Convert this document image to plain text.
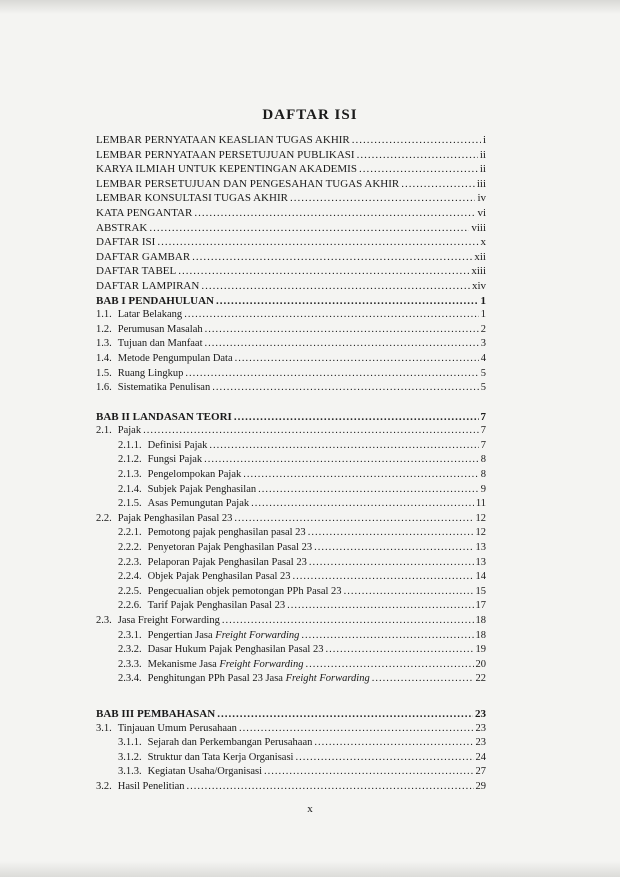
DAFTAR ISI
LEMBAR PERNYATAAN KEASLIAN TUGAS AKHIR .....	i
LEMBAR PERNYATAAN PERSETUJUAN PUBLIKASI .....	ii
KARYA ILMIAH UNTUK KEPENTINGAN AKADEMIS .....	ii
LEMBAR PERSETUJUAN DAN PENGESAHAN TUGAS AKHIR .....	iii
LEMBAR KONSULTASI TUGAS AKHIR .....	iv
KATA PENGANTAR .....	vi
ABSTRAK .....	viii
DAFTAR ISI .....	x
DAFTAR GAMBAR .....	xii
DAFTAR TABEL .....	xiii
DAFTAR LAMPIRAN .....	xiv
BAB I PENDAHULUAN .....	1
1.1. Latar Belakang .....	1
1.2. Perumusan Masalah .....	2
1.3. Tujuan dan Manfaat .....	3
1.4. Metode Pengumpulan Data .....	4
1.5. Ruang Lingkup .....	5
1.6. Sistematika Penulisan .....	5
BAB II LANDASAN TEORI .....	7
2.1. Pajak .....	7
2.1.1. Definisi Pajak .....	7
2.1.2. Fungsi Pajak .....	8
2.1.3. Pengelompokan Pajak .....	8
2.1.4. Subjek Pajak Penghasilan .....	9
2.1.5. Asas Pemungutan Pajak .....	11
2.2. Pajak Penghasilan Pasal 23 .....	12
2.2.1. Pemotong pajak penghasilan pasal 23 .....	12
2.2.2. Penyetoran Pajak Penghasilan Pasal 23 .....	13
2.2.3. Pelaporan Pajak Penghasilan Pasal 23 .....	13
2.2.4. Objek Pajak Penghasilan Pasal 23 .....	14
2.2.5. Pengecualian objek pemotongan PPh Pasal 23 .....	15
2.2.6. Tarif Pajak Penghasilan Pasal 23 .....	17
2.3. Jasa Freight Forwarding .....	18
2.3.1. Pengertian Jasa Freight Forwarding .....	18
2.3.2. Dasar Hukum Pajak Penghasilan Pasal 23 .....	19
2.3.3. Mekanisme Jasa Freight Forwarding .....	20
2.3.4. Penghitungan PPh Pasal 23 Jasa Freight Forwarding .....	22
BAB III PEMBAHASAN .....	23
3.1. Tinjauan Umum Perusahaan .....	23
3.1.1. Sejarah dan Perkembangan Perusahaan .....	23
3.1.2. Struktur dan Tata Kerja Organisasi .....	24
3.1.3. Kegiatan Usaha/Organisasi .....	27
3.2. Hasil Penelitian .....	29
x
